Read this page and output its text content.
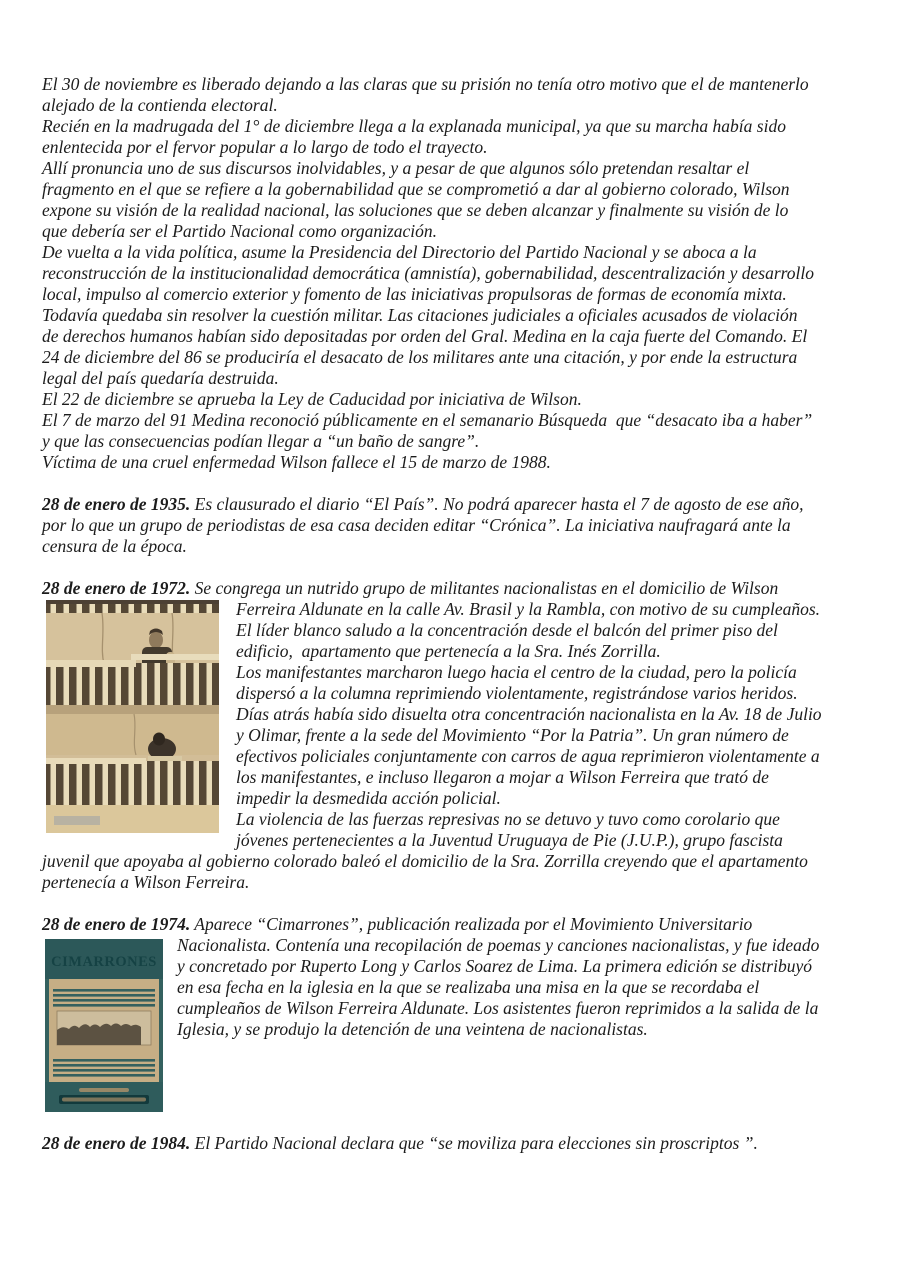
El 30 de noviembre es liberado dejando a las claras que su prisión no tenía otro motivo que el de mantenerlo
alejado de la contienda electoral.
Recién en la madrugada del 1° de diciembre llega a la explanada municipal, ya que su marcha había sido
enlentecida por el fervor popular a lo largo de todo el trayecto.
Allí pronuncia uno de sus discursos inolvidables, y a pesar de que algunos sólo pretendan resaltar el
fragmento en el que se refiere a la gobernabilidad que se comprometió a dar al gobierno colorado, Wilson
expone su visión de la realidad nacional, las soluciones que se deben alcanzar y finalmente su visión de lo
que debería ser el Partido Nacional como organización.
De vuelta a la vida política, asume la Presidencia del Directorio del Partido Nacional y se aboca a la
reconstrucción de la institucionalidad democrática (amnistía), gobernabilidad, descentralización y desarrollo
local, impulso al comercio exterior y fomento de las iniciativas propulsoras de formas de economía mixta.
Todavía quedaba sin resolver la cuestión militar. Las citaciones judiciales a oficiales acusados de violación
de derechos humanos habían sido depositadas por orden del Gral. Medina en la caja fuerte del Comando. El
24 de diciembre del 86 se produciría el desacato de los militares ante una citación, y por ende la estructura
legal del país quedaría destruida.
El 22 de diciembre se aprueba la Ley de Caducidad por iniciativa de Wilson.
El 7 de marzo del 91 Medina reconoció públicamente en el semanario Búsqueda  que “desacato iba a haber”
y que las consecuencias podían llegar a “un baño de sangre”.
Víctima de una cruel enfermedad Wilson fallece el 15 de marzo de 1988.
28 de enero de 1935. Es clausurado el diario “El País”. No podrá aparecer hasta el 7 de agosto de ese año,
por lo que un grupo de periodistas de esa casa deciden editar “Crónica”. La iniciativa naufragará ante la
censura de la época.
28 de enero de 1972. Se congrega un nutrido grupo de militantes nacionalistas en el domicilio de Wilson
Ferreira Aldunate en la calle Av. Brasil y la Rambla, con motivo de su cumpleaños.
El líder blanco saludo a la concentración desde el balcón del primer piso del
edificio,  apartamento que pertenecía a la Sra. Inés Zorrilla.
Los manifestantes marcharon luego hacia el centro de la ciudad, pero la policía
dispersó a la columna reprimiendo violentamente, registrándose varios heridos.
Días atrás había sido disuelta otra concentración nacionalista en la Av. 18 de Julio
y Olimar, frente a la sede del Movimiento “Por la Patria”. Un gran número de
efectivos policiales conjuntamente con carros de agua reprimieron violentamente a
los manifestantes, e incluso llegaron a mojar a Wilson Ferreira que trató de
impedir la desmedida acción policial.
La violencia de las fuerzas represivas no se detuvo y tuvo como corolario que
jóvenes pertenecientes a la Juventud Uruguaya de Pie (J.U.P.), grupo fascista
juvenil que apoyaba al gobierno colorado baleó el domicilio de la Sra. Zorrilla creyendo que el apartamento
pertenecía a Wilson Ferreira.
28 de enero de 1974. Aparece “Cimarrones”, publicación realizada por el Movimiento Universitario
CIMARRONES
Nacionalista. Contenía una recopilación de poemas y canciones nacionalistas, y fue ideado
y concretado por Ruperto Long y Carlos Soarez de Lima. La primera edición se distribuyó
en esa fecha en la iglesia en la que se realizaba una misa en la que se recordaba el
cumpleaños de Wilson Ferreira Aldunate. Los asistentes fueron reprimidos a la salida de la
Iglesia, y se produjo la detención de una veintena de nacionalistas.
28 de enero de 1984. El Partido Nacional declara que “se moviliza para elecciones sin proscriptos ”.
